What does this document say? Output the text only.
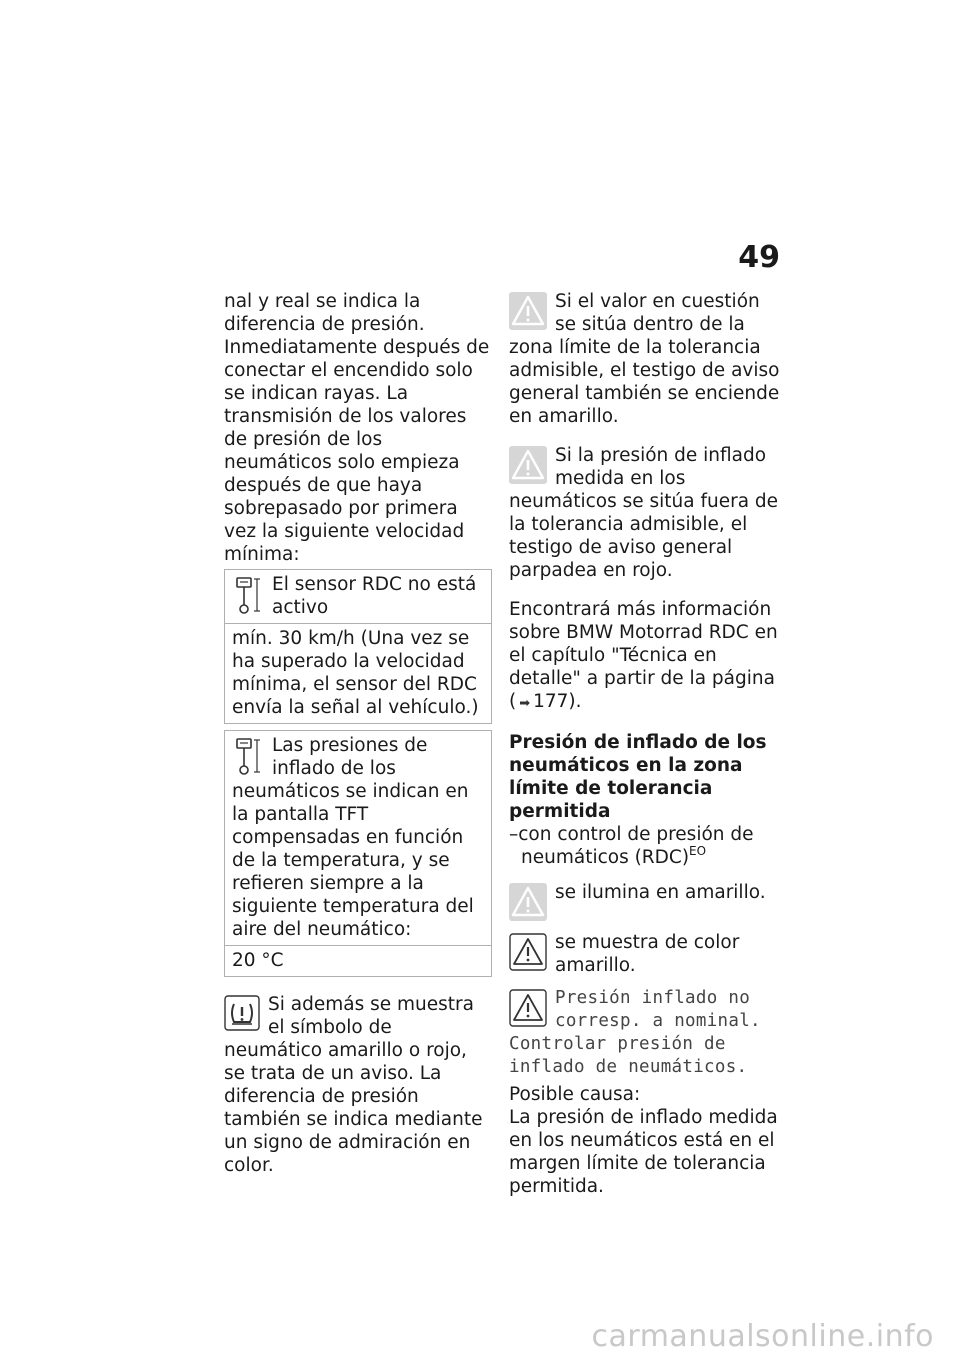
49

nal y real se indica la diferencia de presión.

Inmediatamente después de conectar el encendido solo se indican rayas. La transmisión de los valores de presión de los neumáticos solo empieza después de que haya sobrepasado por primera vez la siguiente velocidad mínima:

El sensor RDC no está activo

mín. 30 km/h (Una vez se ha superado la velocidad mínima, el sensor del RDC envía la señal al vehículo.)

Las presiones de inflado de los neumáticos se indican en la pantalla TFT compensadas en función de la temperatura, y se refieren siempre a la siguiente temperatura del aire del neumático:

20 °C

Si además se muestra el símbolo de neumático amarillo o rojo, se trata de un aviso. La diferencia de presión también se indica mediante un signo de admiración en color.

Si el valor en cuestión se sitúa dentro de la zona límite de la tolerancia admisible, el testigo de aviso general también se enciende en amarillo.

Si la presión de inflado medida en los neumáticos se sitúa fuera de la tolerancia admisible, el testigo de aviso general parpadea en rojo.

Encontrará más información sobre BMW Motorrad RDC en el capítulo "Técnica en detalle" a partir de la página ( ➡ 177).

Presión de inflado de los neumáticos en la zona límite de tolerancia permitida

–con control de presión de neumáticos (RDC)$^{EO}$

se ilumina en amarillo.

se muestra de color amarillo.

Presión inflado no corresp. a nominal. Controlar presión de inflado de neumáticos.

Posible causa:

La presión de inflado medida en los neumáticos está en el margen límite de tolerancia permitida.

carmanualsonline.info
